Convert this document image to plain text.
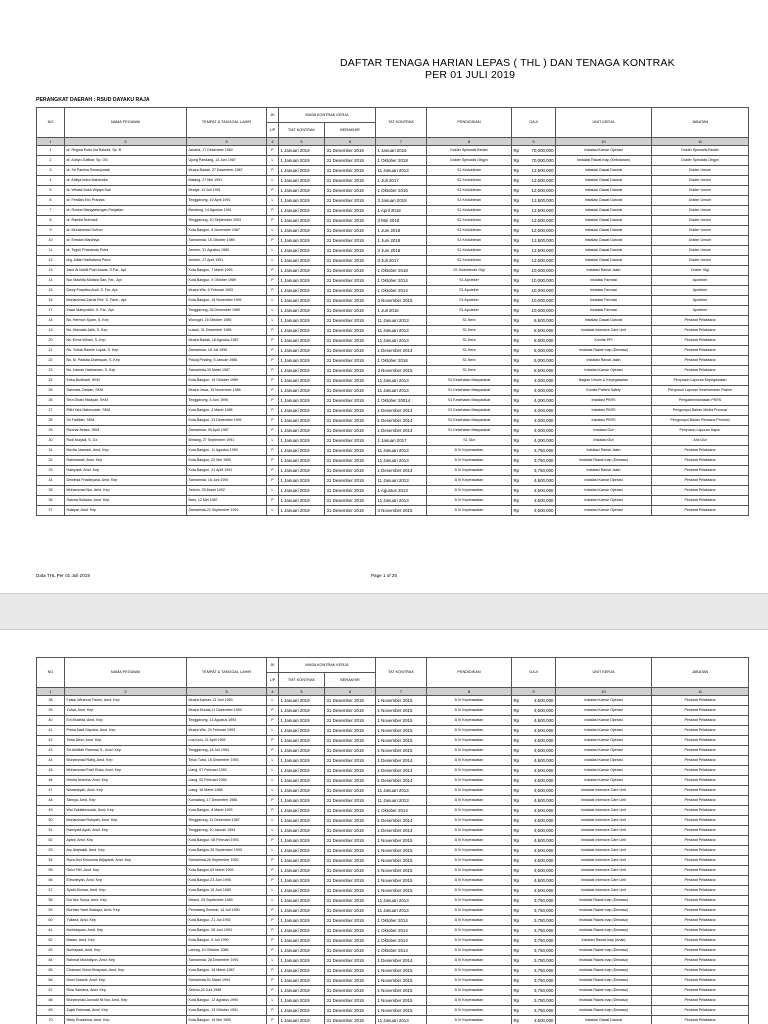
DAFTAR TENAGA HARIAN LEPAS ( THL ) DAN TENAGA KONTRAK
PER 01 JULI 2019
PERANGKAT DAERAH : RSUD DAYAKU RAJA
NO	NAMA PEGAWAI	TEMPAT & TANGGAL LAHIR	JK	MASA KONTRAK KERJA		TAT KONTRAK	PENDIDIKAN	GAJI	UNIT KERJA	JABATAN
			L/P	TMT KONTRAK	BERAKHIR					
1	2	3	4	5	6	7	8	9	10	11
1	dr. Regina Ester Ika Beloda, Sp. B	Jakarta, 17 Desember 1982	P	1 Januari 2019	31 Desember 2019	1 Januari 2016	Dokter Spesialis Bedah	Rp 70,000,000	Instalasi Kamar Operasi	Dokter Spesialis Bedah
2	dr. Adhyo Zulfikar, Sp. OG	Ujung Pandang, 13 Juni 1987	L	1 Januari 2019	31 Desember 2019	1 Oktober 2018	Dokter Spesialis Obgyn	Rp 70,000,000	Instalasi Rawat Inap (Kebidanan)	Dokter Spesialis Obgyn
3	dr. Sri Paulina Simanjuntak	Muara Badak, 27 Desember 1987	P	1 Januari 2019	31 Desember 2019	11 Januari 2013	S1 Kedokteran	Rp 12,500,000	Instalasi Gawat Darurat	Dokter Umum
4	dr. Aditya Indra Mahendra	Malang, 27 Mei 1991	L	1 Januari 2019	31 Desember 2019	1 Juli 2017	S1 Kedokteran	Rp 12,500,000	Instalasi Gawat Darurat	Dokter Umum
5	dr. Wirasti Indra Wijaya Sari	Mudge, 11 Juli 1991	P	1 Januari 2019	31 Desember 2019	1 Oktober 2016	S1 Kedokteran	Rp 12,500,000	Instalasi Gawat Darurat	Dokter Umum
6	dr. Ferdian Eric Pranata	Tenggarong, 19 April 1991	L	1 Januari 2019	31 Desember 2019	3 Januari 2018	S1 Kedokteran	Rp 12,500,000	Instalasi Gawat Darurat	Dokter Umum
7	dr. Rosesi Mangaetengan Panjaitan	Bandung, 14 Agustus 1991	P	1 Januari 2019	31 Desember 2019	1 April 2018	S1 Kedokteran	Rp 12,500,000	Instalasi Gawat Darurat	Dokter Umum
8	dr. Randia Nurmadi	Tenggarong, 10 September 1993	P	1 Januari 2019	31 Desember 2019	3 Mei 2018	S1 Kedokteran	Rp 12,500,000	Instalasi Gawat Darurat	Dokter Umum
9	dr. Muhammad Gufron	Kota Bangun, 8 November 1987	L	1 Januari 2019	31 Desember 2019	1 Juni 2018	S1 Kedokteran	Rp 12,500,000	Instalasi Gawat Darurat	Dokter Umum
10	dr. Ermawi Mardhiya	Samarinda, 15 Oktober 1989	P	1 Januari 2019	31 Desember 2019	1 Juni 2018	S1 Kedokteran	Rp 12,500,000	Instalasi Gawat Darurat	Dokter Umum
11	dr. Teguh Priananda Putra	Jember, 31 Agustus 1989	L	1 Januari 2019	31 Desember 2019	3 Juni 2018	S1 Kedokteran	Rp 12,500,000	Instalasi Gawat Darurat	Dokter Umum
12	drg. Alfian Hadiatama Putra	Jember, 27 April 1991	L	1 Januari 2019	31 Desember 2019	3 Juli 2017	S1 Kedokteran	Rp 12,500,000	Instalasi Gawat Darurat	Dokter Umum
13	Jauri Al Nahlil Putri Anwar, S.Far., Apt	Kota Bangun, 7 Maret 1993	P	1 Januari 2019	31 Desember 2019	1 Oktober 2018	S1 Kedokteran Gigi	Rp 10,000,000	Instalasi Rawat Jalan	Dokter Gigi
14	Nur Mashita Mutiara Sari, Far., Apt	Kota Bangun, 9 Oktober 1989	P	1 Januari 2019	31 Desember 2019	1 Oktober 2014	S1 Apoteker	Rp 10,000,000	Instalasi Farmasi	Apoteker
15	Dewy Puspitea Andi, S. Far.,Apt	Muara Wis, 6 Februari 1993	P	1 Januari 2019	31 Desember 2019	1 Oktober 2014	S1 Apoteker	Rp 10,000,000	Instalasi Farmasi	Apoteker
16	Muhammad Zainal Rini, S. Farm., Apt	Kota Bangun, 15 November 1991	L	1 Januari 2019	31 Desember 2019	3 November 2015	S1 Apoteker	Rp 10,000,000	Instalasi Farmasi	Apoteker
17	Irawn Mahyuddin, S. Far., Apt	Tenggarong, 28 Desember 1989	L	1 Januari 2019	31 Desember 2019	1 Juli 2016	S1 Apoteker	Rp 10,000,000	Instalasi Farmasi	Apoteker
18	Ns. Hermon Syam, S. Kep	Wonogiri, 15 Oktober 1985	L	1 Januari 2019	31 Desember 2019	11 Januari 2013	S1 Ners	Rp 6,500,000	Instalasi Gawat Darurat	Perawat Pelaksana
19	Ns. Nurmala Jalis, S. Kep	Luwuk, 31 Desember 1985	P	1 Januari 2019	31 Desember 2019	11 Januari 2013	S1 Ners	Rp 6,500,000	Instalasi Intensive Care Unit	Perawat Pelaksana
20	Ns. Erma Wirani, S. Kep	Muara Badak, 18 Agustus 1987	P	1 Januari 2019	31 Desember 2019	11 Januari 2013	S1 Ners	Rp 6,500,000	Komite PPI	Perawat Pelaksana
21	Ns. Yulida Ramlie Lopak, S. Kep	Samarinda, 18 Juli 1990	P	1 Januari 2019	31 Desember 2019	1 Desember 2014	S1 Ners	Rp 5,000,000	Instalasi Rawat Inap (Dewasa)	Perawat Pelaksana
22	Ns. M. Padiala Ddarisyah, S. Kep	Paluaj Pinding, 5 Januari 1986	P	1 Januari 2019	31 Desember 2019	1 Oktober 2016	S1 Ners	Rp 5,000,000	Instalasi Rawat Jalan	Perawat Pelaksana
23	Ns. Usman Hasbaman, S. Kep	Samarinda,30 Maret 1987	P	1 Januari 2019	31 Desember 2019	3 November 2015	S1 Ners	Rp 6,500,000	Instalasi Kamar Operasi	Perawat Pelaksana
24	Erika Budiharti, SKM	Kota Bangun, 19 Oktober 1989	P	1 Januari 2019	31 Desember 2019	11 Januari 2013	S1 Kesehatan Masyarakat	Rp 4,000,000	Bagian Umum & Kepegawaian	Penyusun Laporan Kepegawaian
25	Sarmata, Dewan, SKM	Muara Jawa, 15 November 1986	P	1 Januari 2019	31 Desember 2019	11 Januari 2013	S1 Kesehatan Masyarakat	Rp 4,000,000	Komite Patient Safety	Penyusun Laporan Keselamatan Pasien
26	Tera Dhani Hidayah, SKM	Tenggarong, 5 Juni 1990	P	1 Januari 2019	31 Desember 2019	1 Oktober 20014	S1 Kesehatan Masyarakat	Rp 4,000,000	Instalasi PKRS	Pengadministrasian PKRS
27	Rifki Yaul Mahmudah, SKM	Kota Bangun, 3 Maret 1988	P	1 Januari 2019	31 Desember 2019	1 Desember 2014	S1 Kesehatan Masyarakat	Rp 4,000,000	Instalasi PKRS	Pengumpul Bahan Media Promosi
28	Sri Fadillah, SKM	Kota Bangun, 31 Desember 1991	P	1 Januari 2019	31 Desember 2019	1 Desember 2014	S1 Kesehatan Masyarakat	Rp 4,000,000	Instalasi PKRS	Pengumpul Bahan Rencana Promosi
29	Rischar Alriani, SKM	Samarinda, 09 April 1987	P	1 Januari 2019	31 Desember 2019	1 Desember 2014	S1 Kesehatan Masyarakat	Rp 4,000,000	Instalasi Gizi	Penyusun Laporan Dapur
30	Rudi Nurjadi, S. Gz	Bintang, 27 September 1991	L	1 Januari 2019	31 Desember 2019	1 Januari 2017	S1 Gizi	Rp 4,000,000	Instalasi Gizi	Ahli Gizi
31	Novita Jasmani, Amd. Kep	Kota Bangun, 11 Agustus 1990	P	1 Januari 2019	31 Desember 2019	11 Januari 2013	D III Keperawatan	Rp 3,750,000	Instalasi Rawat Jalan	Perawat Pelaksana
32	Rahmawati, Amd. Kep	Kota Bangun, 22 Mei 1990	P	1 Januari 2019	31 Desember 2019	11 Januari 2013	D III Keperawatan	Rp 3,750,000	Instalasi Rawat Inap (Dewasa)	Perawat Pelaksana
33	Haeiyanti, Amd. Kep	Kota Bangun, 21 April 1991	P	1 Januari 2019	31 Desember 2019	1 Desember 2014	D III Keperawatan	Rp 3,750,000	Instalasi Rawat Jalan	Perawat Pelaksana
34	Dewinsa Friadinyasa, Amd. Kep	Samarinda, 16 Juni 1991	P	1 Januari 2019	31 Desember 2019	11 Januari 2013	D III Keperawatan	Rp 4,500,000	Instalasi Kamar Operasi	Perawat Pelaksana
35	Muhammad Nur, Amd. Kep	Sebulu, 05 Maret 1992	L	1 Januari 2019	31 Desember 2019	1 Agustus 2013	D III Keperawatan	Rp 4,500,000	Instalasi Kamar Operasi	Perawat Pelaksana
36	Sahma Sultawa, Amd. Kep	Bam, 12 Mei 1987	P	1 Januari 2019	31 Desember 2019	11 Januari 2013	D III Keperawatan	Rp 4,500,000	Instalasi Kamar Operasi	Perawat Pelaksana
37	Hidayat, Amd. Kep	Samarinda,22 September 1991	L	1 Januari 2019	31 Desember 2019	3 November 2015	D III Keperawatan	Rp 4,500,000	Instalasi Kamar Operasi	Perawat Pelaksana
Data THL Per 01 Juli 2019	Page 1 of 20
NO	NAMA PEGAWAI	TEMPAT & TANGGAL LAHIR	JK	MASA KONTRAK KERJA		TAT KONTRAK	PENDIDIKAN	GAJI	UNIT KERJA	JABATAN
			L/P	TMT KONTRAK	BERAKHIR					
1	2	3	4	5	6	7	8	9	10	11
38	Faisal Wiranuzi Fazrin, Amd. Kep	Muara Kaman,13 Juni 1990	L	1 Januari 2019	31 Desember 2019	1 November 2015	D III Keperawatan	Rp 4,500,000	Instalasi Kamar Operasi	Perawat Pelaksana
39	Zuhar, Amd. Kep	Muara Muntai,11 Desember 1993	P	1 Januari 2019	31 Desember 2019	1 November 2015	D III Keperawatan	Rp 4,500,000	Instalasi Kamar Operasi	Perawat Pelaksana
40	Evi Musfida, Amd. Kep	Tenggarong, 13 Agustus 1993	P	1 Januari 2019	31 Desember 2019	1 November 2015	D III Keperawatan	Rp 4,500,000	Instalasi Kamar Operasi	Perawat Pelaksana
41	Prima Nadi Saputra, Amd. Kep	Muara Wis, 29 Februari 1993	L	1 Januari 2019	31 Desember 2019	1 November 2015	D III Keperawatan	Rp 4,500,000	Instalasi Kamar Operasi	Perawat Pelaksana
42	Setia Dewi, Amd. Kep	Loa Kulu, 21 April 1992	P	1 Januari 2019	31 Desember 2019	1 November 2015	D III Keperawatan	Rp 4,500,000	Instalasi Kamar Operasi	Perawat Pelaksana
43	Sri Akhillah Rahman S., Amd. Kep	Tenggarong, 18 Juli 1994	P	1 Januari 2019	31 Desember 2019	1 November 2015	D III Keperawatan	Rp 4,500,000	Instalasi Kamar Operasi	Perawat Pelaksana
44	Muhammad Rafiq, Amd. Kep	Teluk Tuba, 15 Desember 1993	L	1 Januari 2019	31 Desember 2019	1 Desember 2014	D III Keperawatan	Rp 4,500,000	Instalasi Kamar Operasi	Perawat Pelaksana
45	Muhammad Fazil Rusa, Amd. Kep	Liang, 07 Februari 1993	L	1 Januari 2019	31 Desember 2019	1 Desember 2014	D III Keperawatan	Rp 4,500,000	Instalasi Kamar Operasi	Perawat Pelaksana
46	Hesha Noeoha, Amd. Kep	Liang, 02 Februari 1994	L	1 Januari 2019	31 Desember 2019	1 Desember 2014	D III Keperawatan	Rp 4,500,000	Instalasi Kamar Operasi	Perawat Pelaksana
47	Nirwansyah, Amd. Kep	Liang, 16 Maret 1988	L	1 Januari 2019	31 Desember 2019	11 Januari 2013	D III Keperawatan	Rp 4,500,000	Instalasi Intensive Care Unit	Perawat Pelaksana
48	Tamiya, Amd. Kep	Kumalang, 17 Desember 1986	P	1 Januari 2019	31 Desember 2019	11 Januari 2013	D III Keperawatan	Rp 4,500,000	Instalasi Intensive Care Unit	Perawat Pelaksana
49	Wai Zablathmuzak, Amd. Kep	Kota Bangun, 8 Maret 1993	P	1 Januari 2019	31 Desember 2019	1 Oktober 2014	D III Keperawatan	Rp 4,500,000	Instalasi Intensive Care Unit	Perawat Pelaksana
50	Muhammad Rubiyah, Amd. Kep	Tenggarong, 11 Desember 1987	L	1 Januari 2019	31 Desember 2019	1 Desember 2014	D III Keperawatan	Rp 4,500,000	Instalasi Intensive Care Unit	Perawat Pelaksana
51	Hamiyadi Ayub, Amd. Kep	Tenggarong, 10 Januari 1994	L	1 Januari 2019	31 Desember 2019	1 Desember 2014	D III Keperawatan	Rp 4,500,000	Instalasi Intensive Care Unit	Perawat Pelaksana
52	Ayani, Amd. Kep	Kota Bangun, 08 Februari 1993	P	1 Januari 2019	31 Desember 2019	1 November 2015	D III Keperawatan	Rp 4,500,000	Instalasi Intensive Care Unit	Perawat Pelaksana
53	Ary Aldywadi, Amd. Kep	Kota Bangun,30 September 1993	L	1 Januari 2019	31 Desember 2019	1 November 2015	D III Keperawatan	Rp 4,500,000	Instalasi Intensive Care Unit	Perawat Pelaksana
54	Ryza Dwi Khusuma Wijayanti, Amd. Kep	Samarinda,26 September 1992	P	1 Januari 2019	31 Desember 2019	1 November 2015	D III Keperawatan	Rp 4,500,000	Instalasi Intensive Care Unit	Perawat Pelaksana
55	Gulzi Fitri, Amd. Kep	Kota Bangun,03 Maret 1993	P	1 Januari 2019	31 Desember 2019	1 November 2015	D III Keperawatan	Rp 4,500,000	Instalasi Intensive Care Unit	Perawat Pelaksana
56	Elmorleyah, Amd. Kep	Kota Bangun,23 Juni 1995	P	1 Januari 2019	31 Desember 2019	1 November 2015	D III Keperawatan	Rp 4,500,000	Instalasi Intensive Care Unit	Perawat Pelaksana
57	Syafri Dimsar, Amd. Kep	Kota Bangun,19 Juni 1989	L	1 Januari 2019	31 Desember 2019	1 November 2015	D III Keperawatan	Rp 4,500,000	Instalasi Intensive Care Unit	Perawat Pelaksana
58	Dui Nur Surya, Amd. Kep	Mesuk, 29 September 1989	L	1 Januari 2019	31 Desember 2019	11 Januari 2013	D III Keperawatan	Rp 3,750,000	Instalasi Rawat Inap (Dewasa)	Perawat Pelaksana
59	Murhiss Yanti Siadapo, Amd. Kep	Pematang Sembar, 14 Juli 1990	P	1 Januari 2019	31 Desember 2019	11 Januari 2013	D III Keperawatan	Rp 3,750,000	Instalasi Rawat Inap (Dewasa)	Perawat Pelaksana
60	Yuliana, Amd. Kep	Kota Bangun, 21 Juli 1992	P	1 Januari 2019	31 Desember 2019	1 Oktober 2014	D III Keperawatan	Rp 3,750,000	Instalasi Rawat Inap (Dewasa)	Perawat Pelaksana
61	Nurhidayani, Amd. Kep	Kota Bangun, 26 Juni 1993	P	1 Januari 2019	31 Desember 2019	1 Oktober 2014	D III Keperawatan	Rp 3,750,000	Instalasi Rawat Inap (Dewasa)	Perawat Pelaksana
62	Maiani, Amd. Kep	Kota Bangun, 5 Juli 1990	P	1 Januari 2019	31 Desember 2019	1 Oktober 2014	D III Keperawatan	Rp 3,750,000	Instalasi Rawat Inap (Anak)	Perawat Pelaksana
63	Norhayadi, Amd. Kep	Lahrag, 10 Oktober 1986	P	1 Januari 2019	31 Desember 2019	1 Oktober 2014	D III Keperawatan	Rp 3,750,000	Instalasi Rawat Inap (Dewasa)	Perawat Pelaksana
64	Rahmat Mukhdiyon, Amd. Kep	Samarinda, 28 Desember 1991	L	1 Januari 2019	31 Desember 2019	1 Desember 2014	D III Keperawatan	Rp 3,750,000	Instalasi Rawat Inap (Dewasa)	Perawat Pelaksana
65	Chaerani Nurul Hinayaah, Amd. Kep	Kota Bangun, 15 Maret 1987	P	1 Januari 2019	31 Desember 2019	1 November 2015	D III Keperawatan	Rp 3,750,000	Instalasi Rawat Inap (Dewasa)	Perawat Pelaksana
66	Dewi Susanti, Amd. Kep	Samarinda,01 Maret 1994	P	1 Januari 2019	31 Desember 2019	1 November 2015	D III Keperawatan	Rp 3,750,000	Instalasi Rawat Inap (Dewasa)	Perawat Pelaksana
67	Rina Santana, Amd. Kep	Sebulu,23 Juni 1988	P	1 Januari 2019	31 Desember 2019	1 November 2015	D III Keperawatan	Rp 3,750,000	Instalasi Rawat Inap (Dewasa)	Perawat Pelaksana
68	Muhammad Jumadil Ni Nur, Amd. Kep	Kota Bangun, 12 Agustus 1994	L	1 Januari 2019	31 Desember 2019	1 November 2015	D III Keperawatan	Rp 3,750,000	Instalasi Rawat Inap (Dewasa)	Perawat Pelaksana
69	Zajeil Rahmasi, Amd. Kep	Kota Bangun, 13 Oktober 1991	P	1 Januari 2019	31 Desember 2019	1 November 2015	D III Keperawatan	Rp 3,750,000	Instalasi Rawat Inap (Dewasa)	Perawat Pelaksana
70	Melly Rosdalina, Amd. Kep	Kota Bangun, 19 Mei 1990	P	1 Januari 2019	31 Desember 2019	11 Januari 2013	D III Keperawatan	Rp 4,500,000	Instalasi Gawat Darurat	Perawat Pelaksana
